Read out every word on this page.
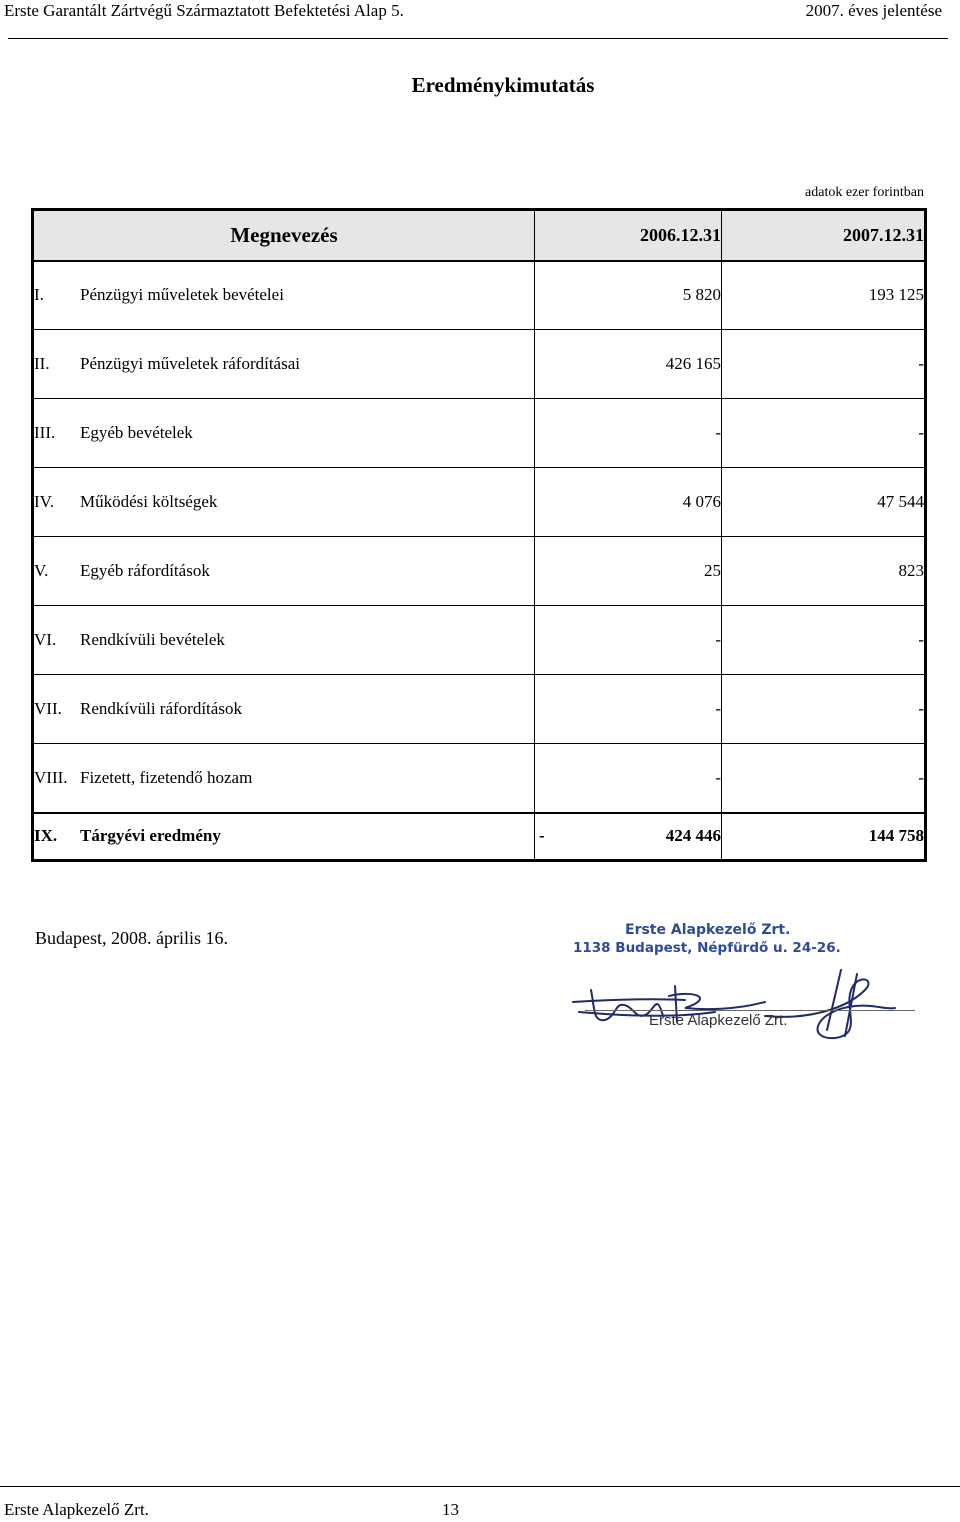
Erste Garantált Zártvégű Származtatott Befektetési Alap 5.	2007. éves jelentése
Eredménykimutatás
adatok ezer forintban
Megnevezés		2006.12.31	2007.12.31
I.	Pénzügyi műveletek bevételei	5 820	193 125
II.	Pénzügyi műveletek ráfordításai	426 165	-
III.	Egyéb bevételek	-	-
IV.	Működési költségek	4 076	47 544
V.	Egyéb ráfordítások	25	823
VI.	Rendkívüli bevételek	-	-
VII.	Rendkívüli ráfordítások	-	-
VIII.	Fizetett, fizetendő hozam	-	-
IX.	Tárgyévi eredmény	- 424 446	144 758
Budapest, 2008. április 16.	Erste Alapkezelő Zrt.
1138 Budapest, Népfürdő u. 24-26.
Erste Alapkezelő Zrt.
Erste Alapkezelő Zrt.	13
